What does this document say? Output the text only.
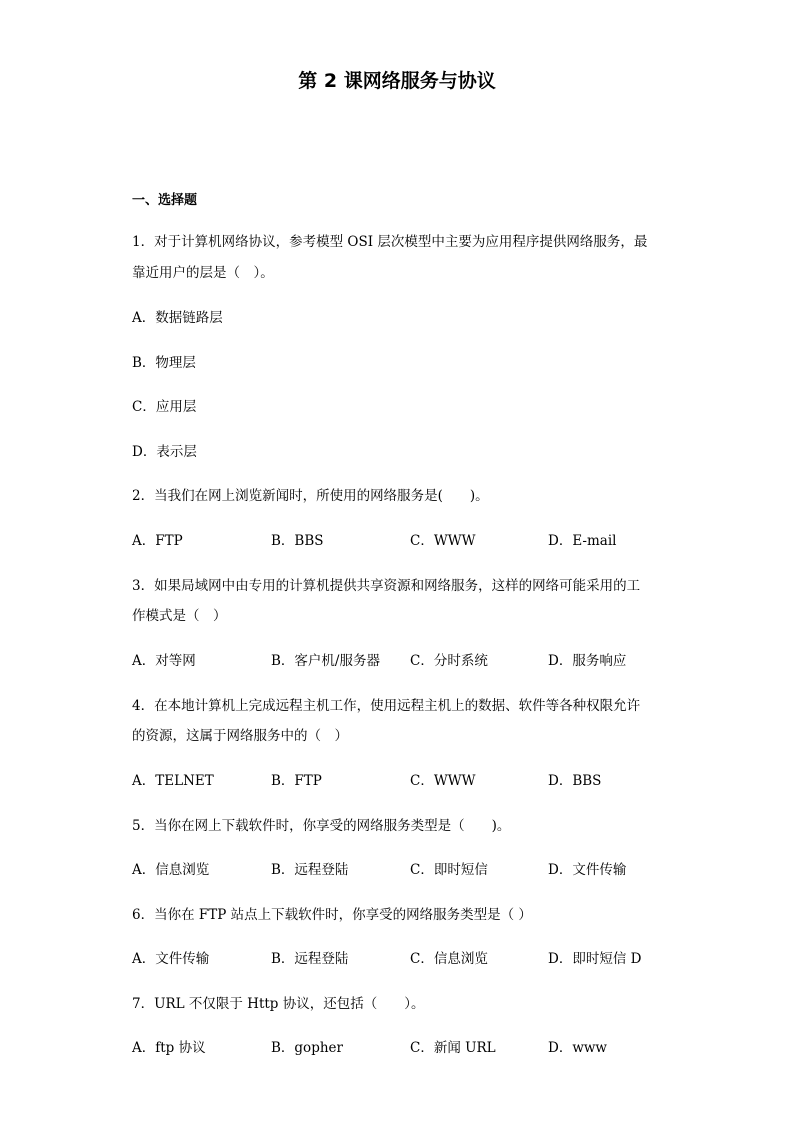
第 2 课网络服务与协议
一、选择题
1．对于计算机网络协议，参考模型 OSI 层次模型中主要为应用程序提供网络服务，最
靠近用户的层是（　）。
A．数据链路层
B．物理层
C．应用层
D．表示层
2．当我们在网上浏览新闻时，所使用的网络服务是(　　)。
A．FTP	B．BBS	C．WWW	D．E-mail
3．如果局域网中由专用的计算机提供共享资源和网络服务，这样的网络可能采用的工
作模式是（　）
A．对等网	B．客户机/服务器 C．分时系统	D．服务响应
4．在本地计算机上完成远程主机工作，使用远程主机上的数据、软件等各种权限允许
的资源，这属于网络服务中的（　）
A．TELNET	B．FTP	C．WWW	D．BBS
5．当你在网上下载软件时，你享受的网络服务类型是（　　)。
A．信息浏览	B．远程登陆	C．即时短信	D．文件传输
6．当你在 FTP 站点上下载软件时，你享受的网络服务类型是（ ）
A．文件传输	B．远程登陆	C．信息浏览	D．即时短信 D
7．URL 不仅限于 Http 协议，还包括（　　）。
A．ftp 协议	B．gopher	C．新闻 URL	D．www
